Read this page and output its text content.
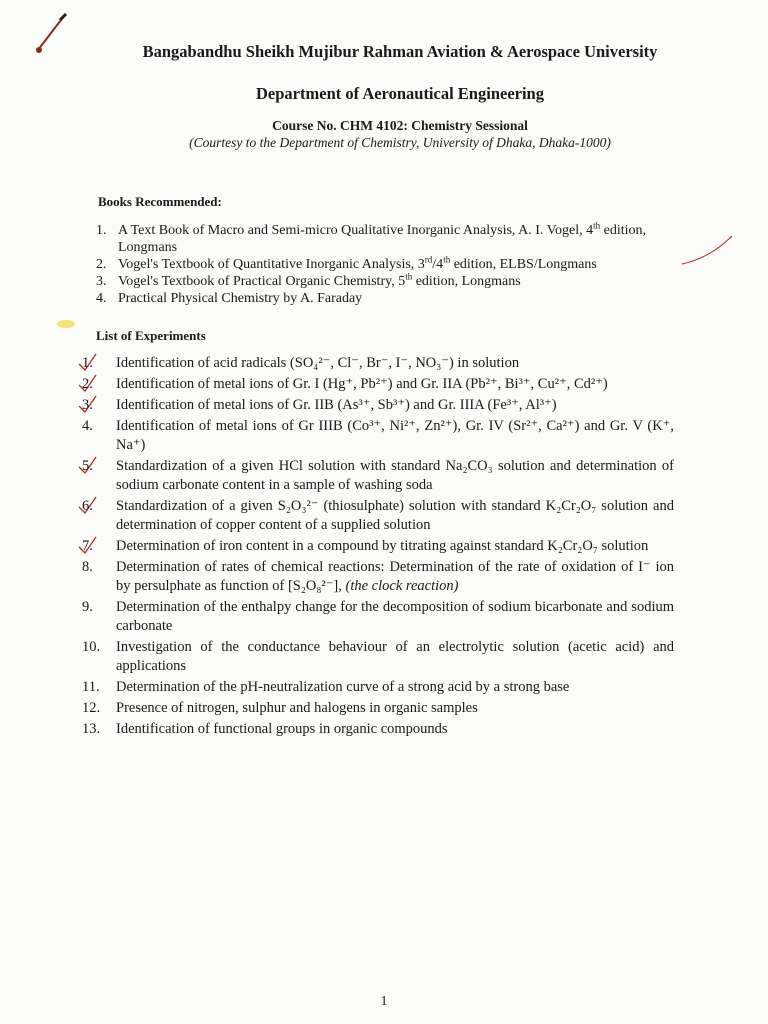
Bangabandhu Sheikh Mujibur Rahman Aviation & Aerospace University
Department of Aeronautical Engineering
Course No. CHM 4102: Chemistry Sessional
(Courtesy to the Department of Chemistry, University of Dhaka, Dhaka-1000)
Books Recommended:
1. A Text Book of Macro and Semi-micro Qualitative Inorganic Analysis, A. I. Vogel, 4th edition, Longmans
2. Vogel's Textbook of Quantitative Inorganic Analysis, 3rd/4th edition, ELBS/Longmans
3. Vogel's Textbook of Practical Organic Chemistry, 5th edition, Longmans
4. Practical Physical Chemistry by A. Faraday
List of Experiments
1. Identification of acid radicals (SO₄²⁻, Cl⁻, Br⁻, I⁻, NO₃⁻) in solution
2. Identification of metal ions of Gr. I (Hg⁺, Pb²⁺) and Gr. IIA (Pb²⁺, Bi³⁺, Cu²⁺, Cd²⁺)
3. Identification of metal ions of Gr. IIB (As³⁺, Sb³⁺) and Gr. IIIA (Fe³⁺, Al³⁺)
4. Identification of metal ions of Gr IIIB (Co³⁺, Ni²⁺, Zn²⁺), Gr. IV (Sr²⁺, Ca²⁺) and Gr. V (K⁺, Na⁺)
5. Standardization of a given HCl solution with standard Na₂CO₃ solution and determination of sodium carbonate content in a sample of washing soda
6. Standardization of a given S₂O₃²⁻ (thiosulphate) solution with standard K₂Cr₂O₇ solution and determination of copper content of a supplied solution
7. Determination of iron content in a compound by titrating against standard K₂Cr₂O₇ solution
8. Determination of rates of chemical reactions: Determination of the rate of oxidation of I⁻ ion by persulphate as function of [S₂O₈²⁻], (the clock reaction)
9. Determination of the enthalpy change for the decomposition of sodium bicarbonate and sodium carbonate
10. Investigation of the conductance behaviour of an electrolytic solution (acetic acid) and applications
11. Determination of the pH-neutralization curve of a strong acid by a strong base
12. Presence of nitrogen, sulphur and halogens in organic samples
13. Identification of functional groups in organic compounds
1
